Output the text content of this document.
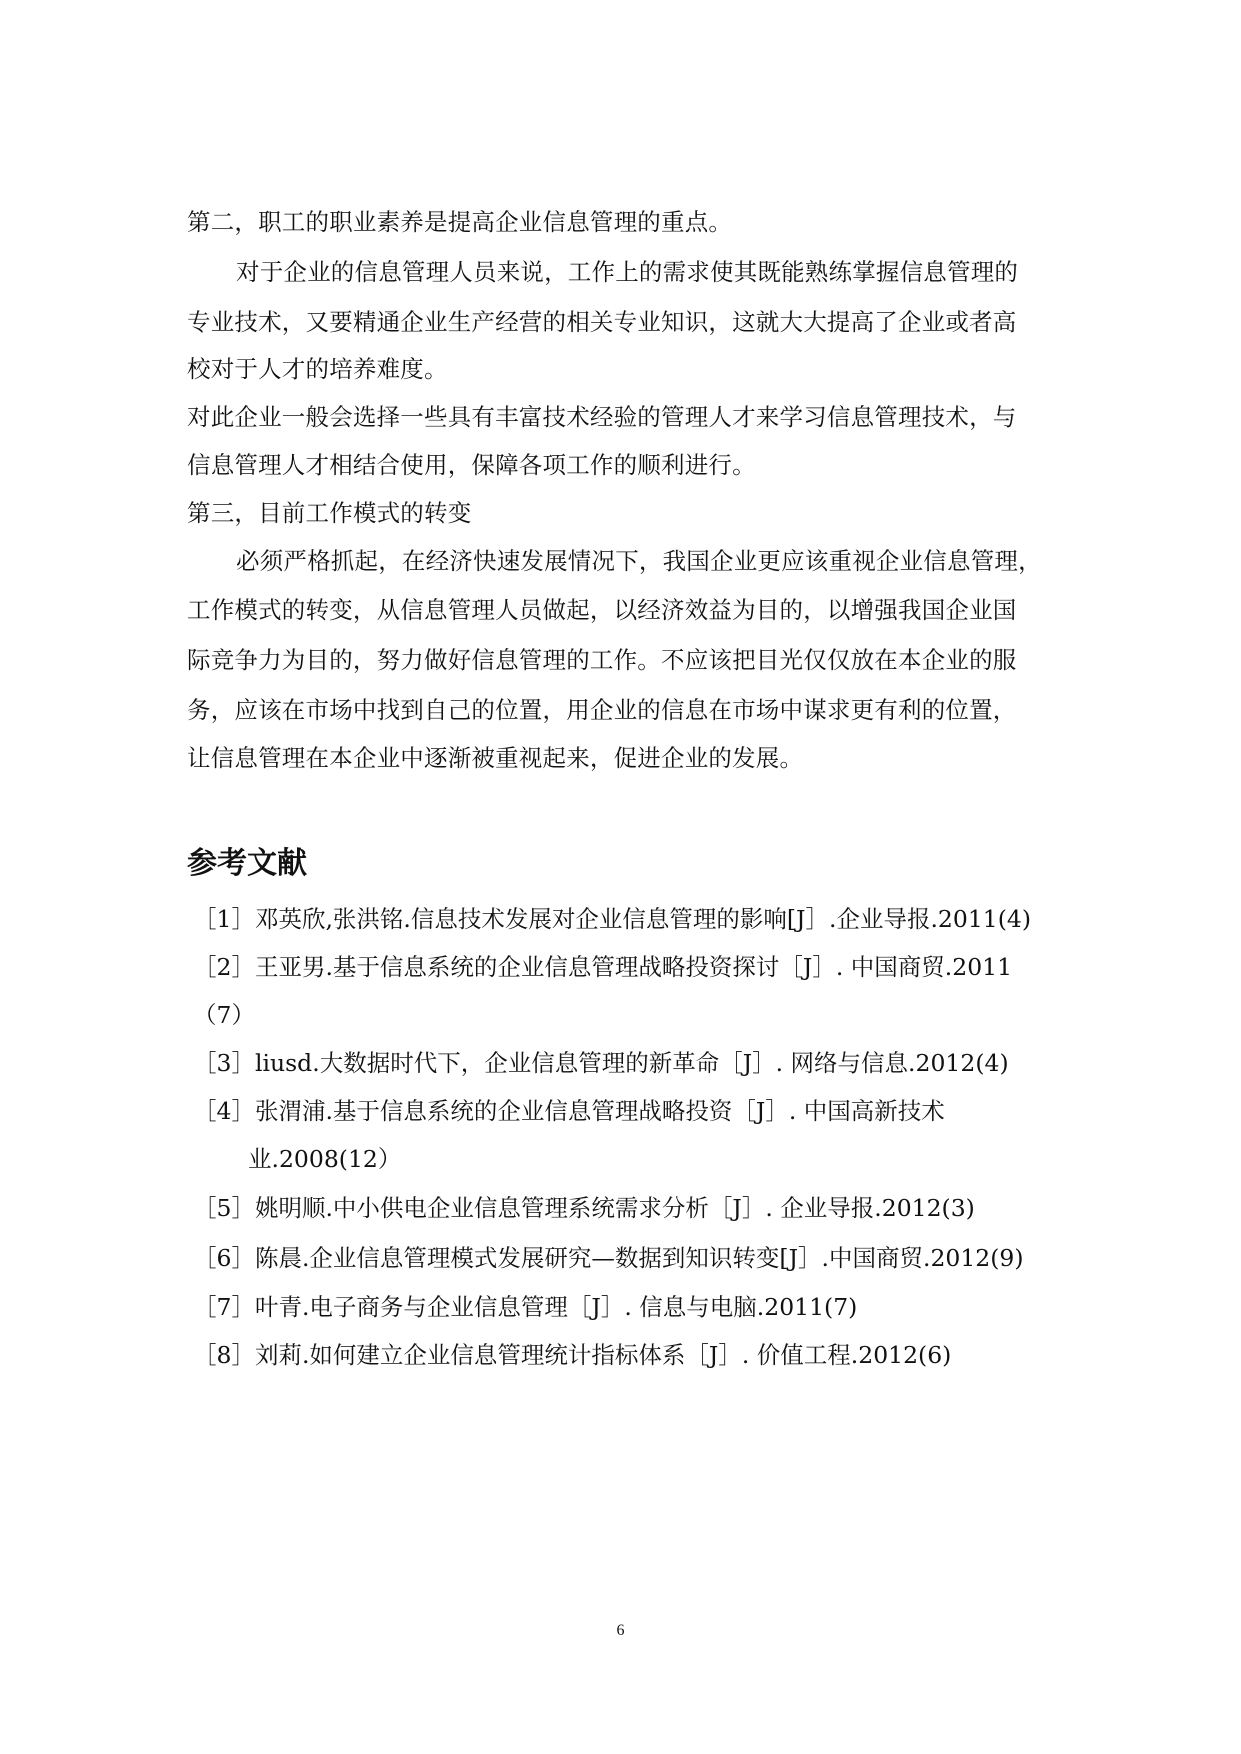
第二，职工的职业素养是提高企业信息管理的重点。
对于企业的信息管理人员来说，工作上的需求使其既能熟练掌握信息管理的
专业技术，又要精通企业生产经营的相关专业知识，这就大大提高了企业或者高
校对于人才的培养难度。
对此企业一般会选择一些具有丰富技术经验的管理人才来学习信息管理技术，与
信息管理人才相结合使用，保障各项工作的顺利进行。
第三，目前工作模式的转变
必须严格抓起，在经济快速发展情况下，我国企业更应该重视企业信息管理，
工作模式的转变，从信息管理人员做起，以经济效益为目的，以增强我国企业国
际竞争力为目的，努力做好信息管理的工作。不应该把目光仅仅放在本企业的服
务，应该在市场中找到自己的位置，用企业的信息在市场中谋求更有利的位置，
让信息管理在本企业中逐渐被重视起来，促进企业的发展。
参考文献
［1］邓英欣,张洪铭.信息技术发展对企业信息管理的影响[J］.企业导报.2011(4)
［2］王亚男.基于信息系统的企业信息管理战略投资探讨［J］. 中国商贸.2011
（7）
［3］liusd.大数据时代下，企业信息管理的新革命［J］. 网络与信息.2012(4)
［4］张渭浦.基于信息系统的企业信息管理战略投资［J］. 中国高新技术
业.2008(12）
［5］姚明顺.中小供电企业信息管理系统需求分析［J］. 企业导报.2012(3)
［6］陈晨.企业信息管理模式发展研究—数据到知识转变[J］.中国商贸.2012(9)
［7］叶青.电子商务与企业信息管理［J］. 信息与电脑.2011(7)
［8］刘莉.如何建立企业信息管理统计指标体系［J］. 价值工程.2012(6)
6
